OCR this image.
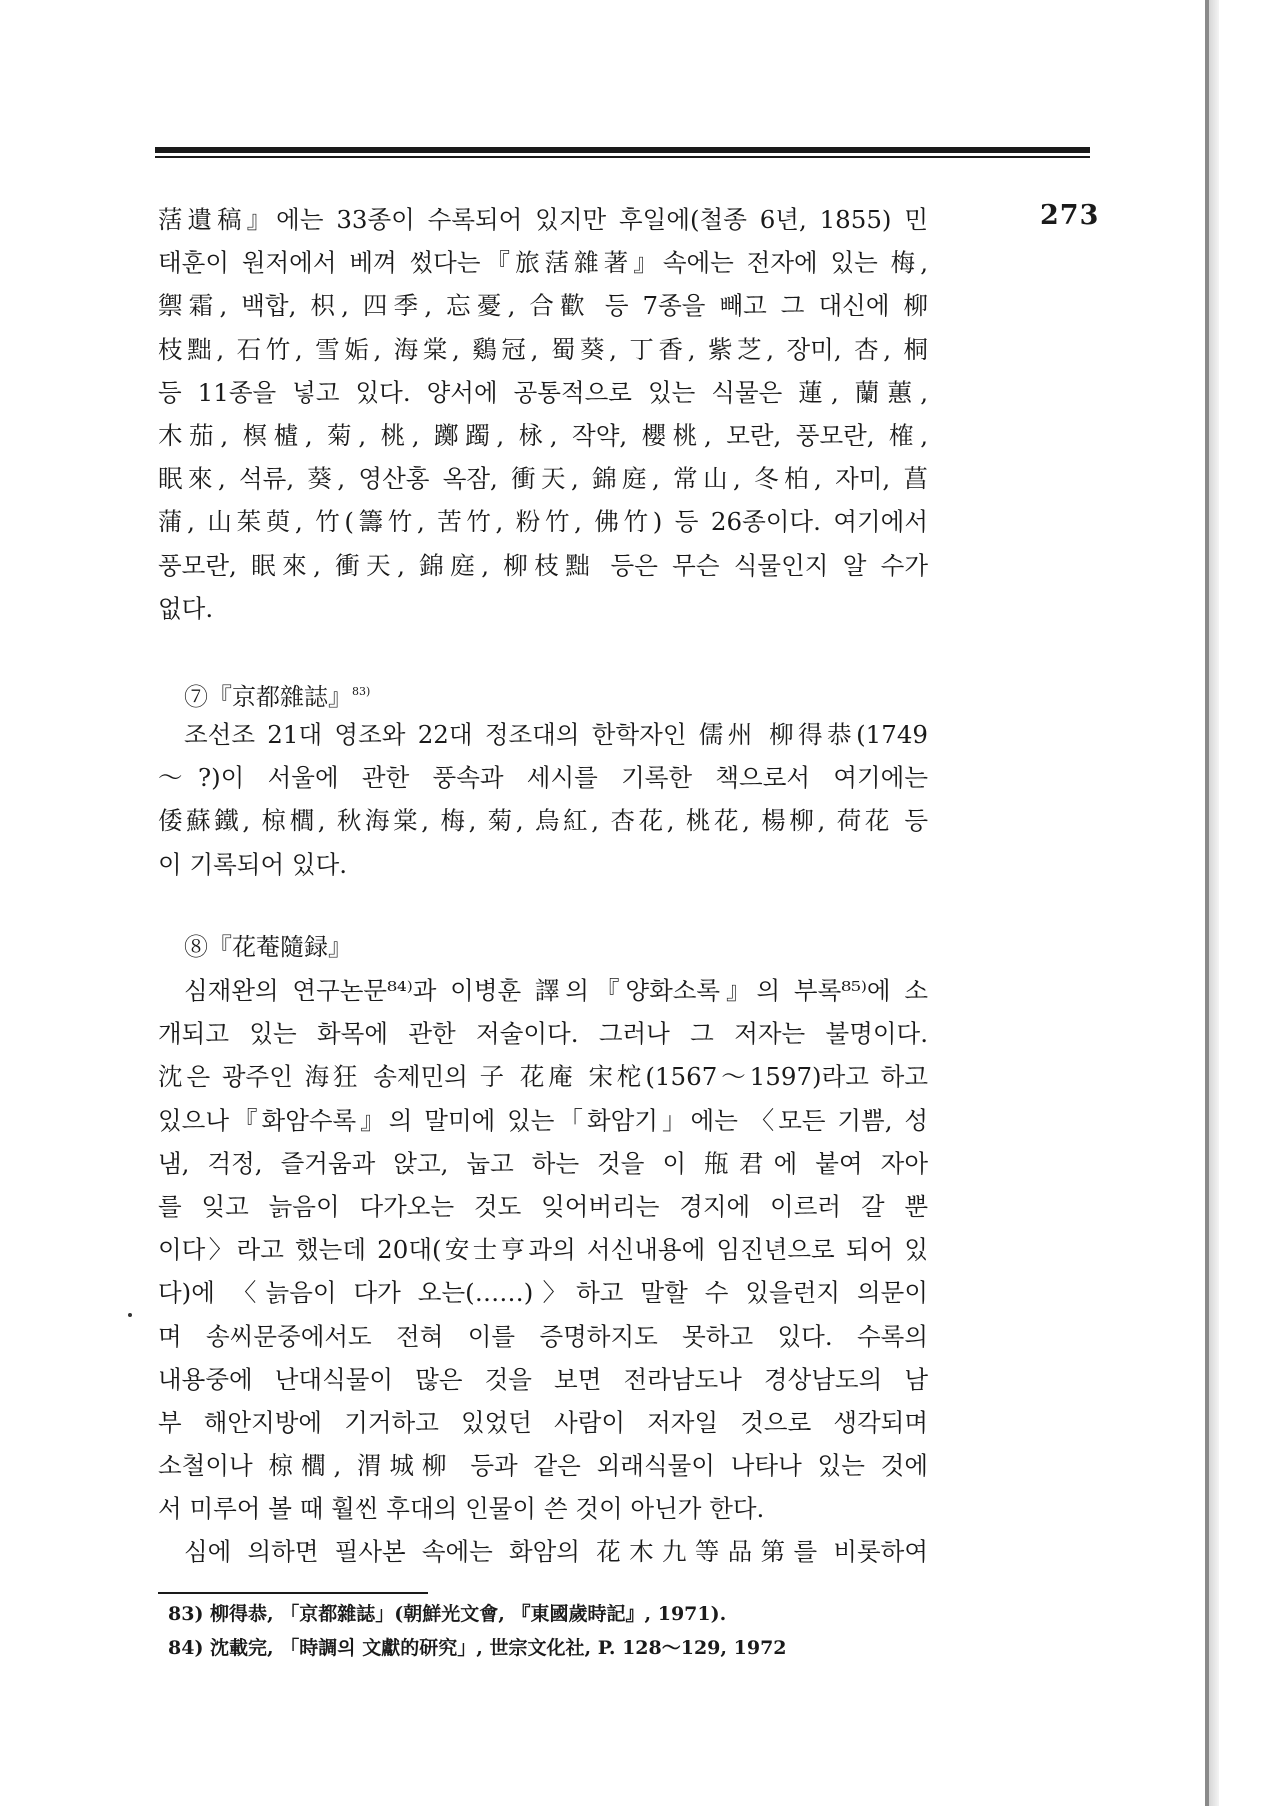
273
萿遺稿』에는 33종이 수록되어 있지만 후일에(철종 6년, 1855) 민
태훈이 원저에서 베껴 썼다는『旅萿雜著』속에는 전자에 있는 梅,
禦霜, 백합, 枳, 四季, 忘憂, 合歡 등 7종을 빼고 그 대신에 柳
枝黜, 石竹, 雪姤, 海棠, 鷄冠, 蜀葵, 丁香, 紫芝, 장미, 杏, 桐
등 11종을 넣고 있다. 양서에 공통적으로 있는 식물은 蓮, 蘭蕙,
木茄, 榠樝, 菊, 桃, 躑躅, 栐, 작약, 櫻桃, 모란, 풍모란, 榷,
眠來, 석류, 葵, 영산홍 옥잠, 衝天, 錦庭, 常山, 冬柏, 자미, 菖
蒲, 山茱萸, 竹(籌竹, 苦竹, 粉竹, 佛竹) 등 26종이다. 여기에서
풍모란, 眠來, 衝天, 錦庭, 柳枝黜 등은 무슨 식물인지 알 수가
없다.
⑦『京都雜誌』$^{83)}$
조선조 21대 영조와 22대 정조대의 한학자인 儒州 柳得恭(1749
～?)이 서울에 관한 풍속과 세시를 기록한 책으로서 여기에는
倭蘇鐵, 椋櫚, 秋海棠, 梅, 菊, 烏紅, 杏花, 桃花, 楊柳, 荷花 등
이 기록되어 있다.
⑧『花菴隨録』
심재완의 연구논문⁸⁴⁾과 이병훈 譯의『양화소록』의 부록⁸⁵⁾에 소
개되고 있는 화목에 관한 저술이다. 그러나 그 저자는 불명이다.
沈은 광주인 海狂 송제민의 子 花庵 宋柁(1567～1597)라고 하고
있으나『화암수록』의 말미에 있는「화암기」에는 〈모든 기쁨, 성
냄, 걱정, 즐거움과 앉고, 눕고 하는 것을 이 甁君에 붙여 자아
를 잊고 늙음이 다가오는 것도 잊어버리는 경지에 이르러 갈 뿐
이다〉라고 했는데 20대(安士亨과의 서신내용에 임진년으로 되어 있
다)에 〈늙음이 다가 오는(……)〉하고 말할 수 있을런지 의문이
며 송씨문중에서도 전혀 이를 증명하지도 못하고 있다. 수록의
내용중에 난대식물이 많은 것을 보면 전라남도나 경상남도의 남
부 해안지방에 기거하고 있었던 사람이 저자일 것으로 생각되며
소철이나 椋櫚, 渭城柳 등과 같은 외래식물이 나타나 있는 것에
서 미루어 볼 때 훨씬 후대의 인물이 쓴 것이 아닌가 한다.
심에 의하면 필사본 속에는 화암의 花木九等品第를 비롯하여
83) 柳得恭, 「京都雜誌」(朝鮮光文會, 『東國歲時記』, 1971).
84) 沈載完, 「時調의 文獻的研究」, 世宗文化社, P. 128～129, 1972
